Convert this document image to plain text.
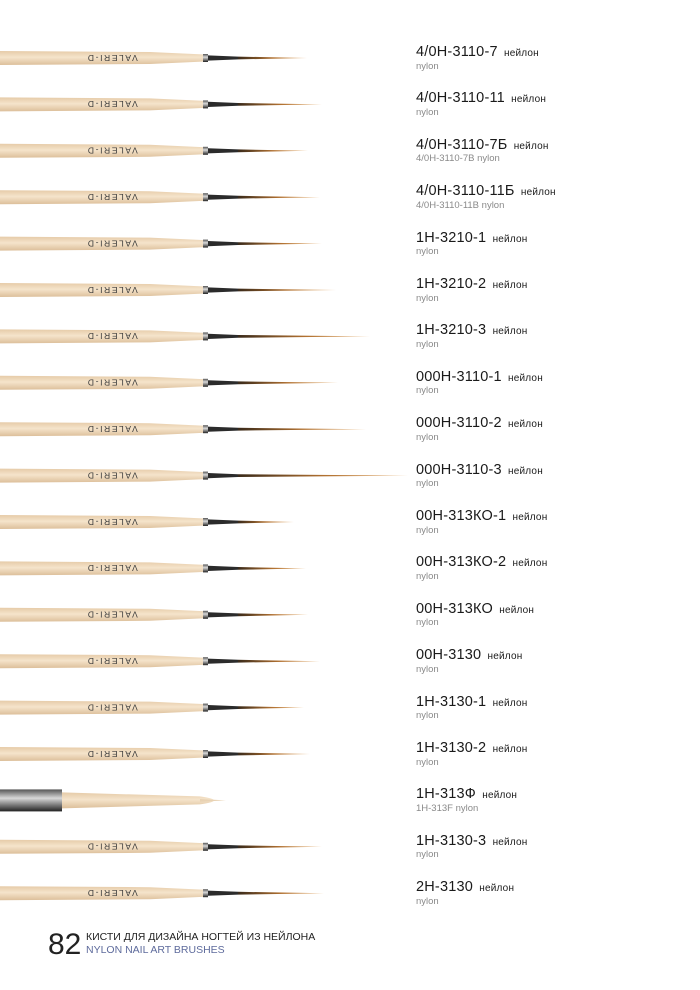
VALERI-D
VALERI-D
VALERI-D
VALERI-D
VALERI-D
VALERI-D
VALERI-D
VALERI-D
VALERI-D
VALERI-D
VALERI-D
VALERI-D
VALERI-D
VALERI-D
VALERI-D
VALERI-D
VALERI-D
VALERI-D
4/0Н-3110-7 нейлон
nylon
4/0Н-3110-11 нейлон
nylon
4/0Н-3110-7Б нейлон
4/0Н-3110-7В nylon
4/0Н-3110-11Б нейлон
4/0Н-3110-11В nylon
1Н-3210-1 нейлон
nylon
1Н-3210-2 нейлон
nylon
1Н-3210-3 нейлон
nylon
000Н-3110-1 нейлон
nylon
000Н-3110-2 нейлон
nylon
000Н-3110-3 нейлон
nylon
00Н-313КО-1 нейлон
nylon
00Н-313КО-2 нейлон
nylon
00Н-313КО нейлон
nylon
00Н-3130 нейлон
nylon
1Н-3130-1 нейлон
nylon
1Н-3130-2 нейлон
nylon
1Н-313Ф нейлон
1Н-313F nylon
1Н-3130-3 нейлон
nylon
2Н-3130 нейлон
nylon
82 КИСТИ ДЛЯ ДИЗАЙНА НОГТЕЙ ИЗ НЕЙЛОНА
NYLON NAIL ART BRUSHES
